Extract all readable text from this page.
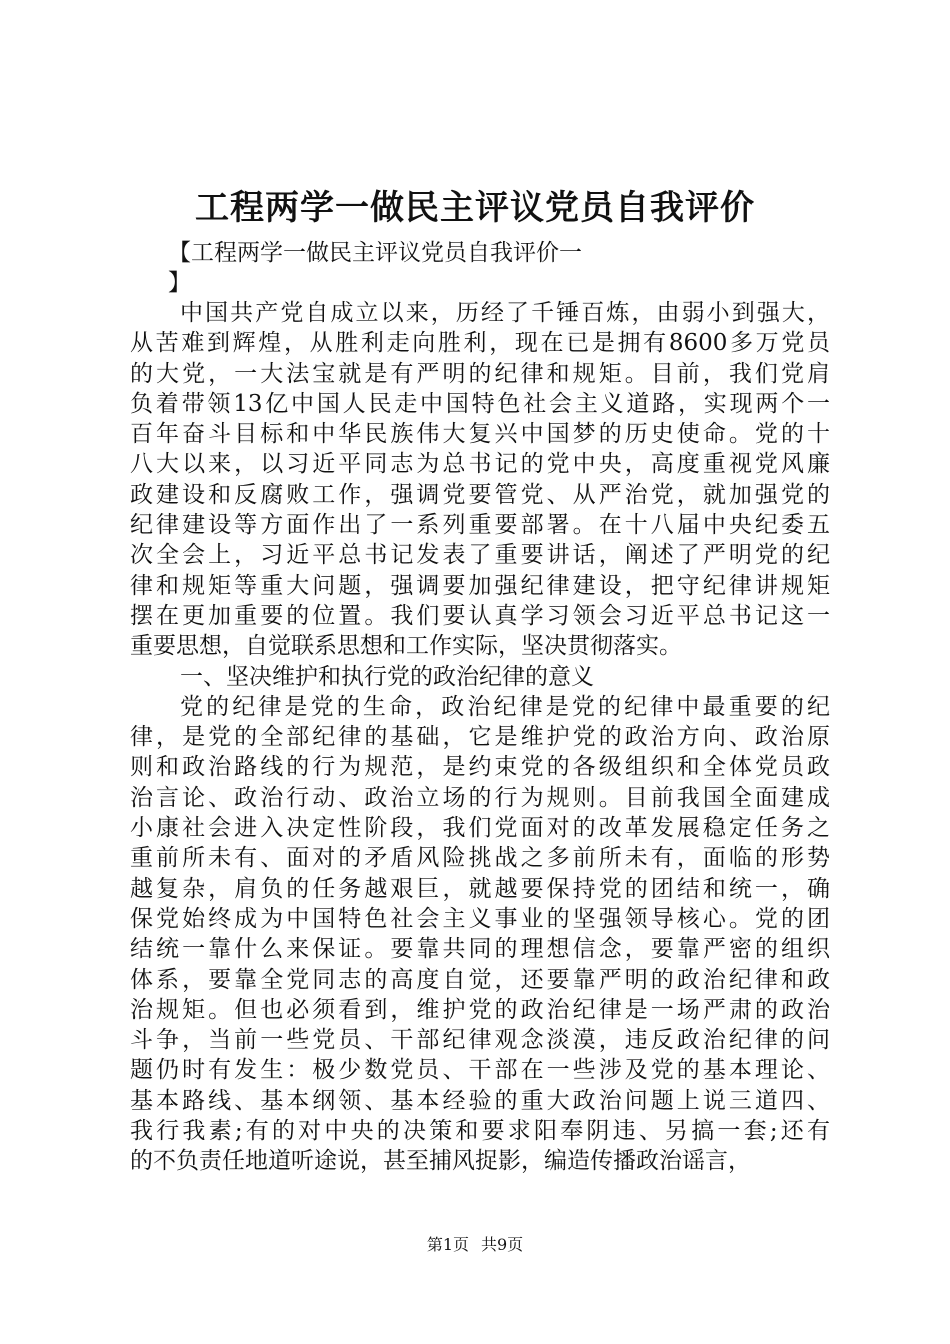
工程两学一做民主评议党员自我评价
【工程两学一做民主评议党员自我评价一
】
中国共产党自成立以来，历经了千锤百炼，由弱小到强大，
从苦难到辉煌，从胜利走向胜利，现在已是拥有8600多万党员
的大党，一大法宝就是有严明的纪律和规矩。目前，我们党肩
负着带领13亿中国人民走中国特色社会主义道路，实现两个一
百年奋斗目标和中华民族伟大复兴中国梦的历史使命。党的十
八大以来，以习近平同志为总书记的党中央，高度重视党风廉
政建设和反腐败工作，强调党要管党、从严治党，就加强党的
纪律建设等方面作出了一系列重要部署。在十八届中央纪委五
次全会上，习近平总书记发表了重要讲话，阐述了严明党的纪
律和规矩等重大问题，强调要加强纪律建设，把守纪律讲规矩
摆在更加重要的位置。我们要认真学习领会习近平总书记这一
重要思想，自觉联系思想和工作实际，坚决贯彻落实。
一、坚决维护和执行党的政治纪律的意义
党的纪律是党的生命，政治纪律是党的纪律中最重要的纪
律，是党的全部纪律的基础，它是维护党的政治方向、政治原
则和政治路线的行为规范，是约束党的各级组织和全体党员政
治言论、政治行动、政治立场的行为规则。目前我国全面建成
小康社会进入决定性阶段，我们党面对的改革发展稳定任务之
重前所未有、面对的矛盾风险挑战之多前所未有，面临的形势
越复杂，肩负的任务越艰巨，就越要保持党的团结和统一，确
保党始终成为中国特色社会主义事业的坚强领导核心。党的团
结统一靠什么来保证。要靠共同的理想信念，要靠严密的组织
体系，要靠全党同志的高度自觉，还要靠严明的政治纪律和政
治规矩。但也必须看到，维护党的政治纪律是一场严肃的政治
斗争，当前一些党员、干部纪律观念淡漠，违反政治纪律的问
题仍时有发生：极少数党员、干部在一些涉及党的基本理论、
基本路线、基本纲领、基本经验的重大政治问题上说三道四、
我行我素;有的对中央的决策和要求阳奉阴违、另搞一套;还有
的不负责任地道听途说，甚至捕风捉影，编造传播政治谣言，
第1页 共9页
